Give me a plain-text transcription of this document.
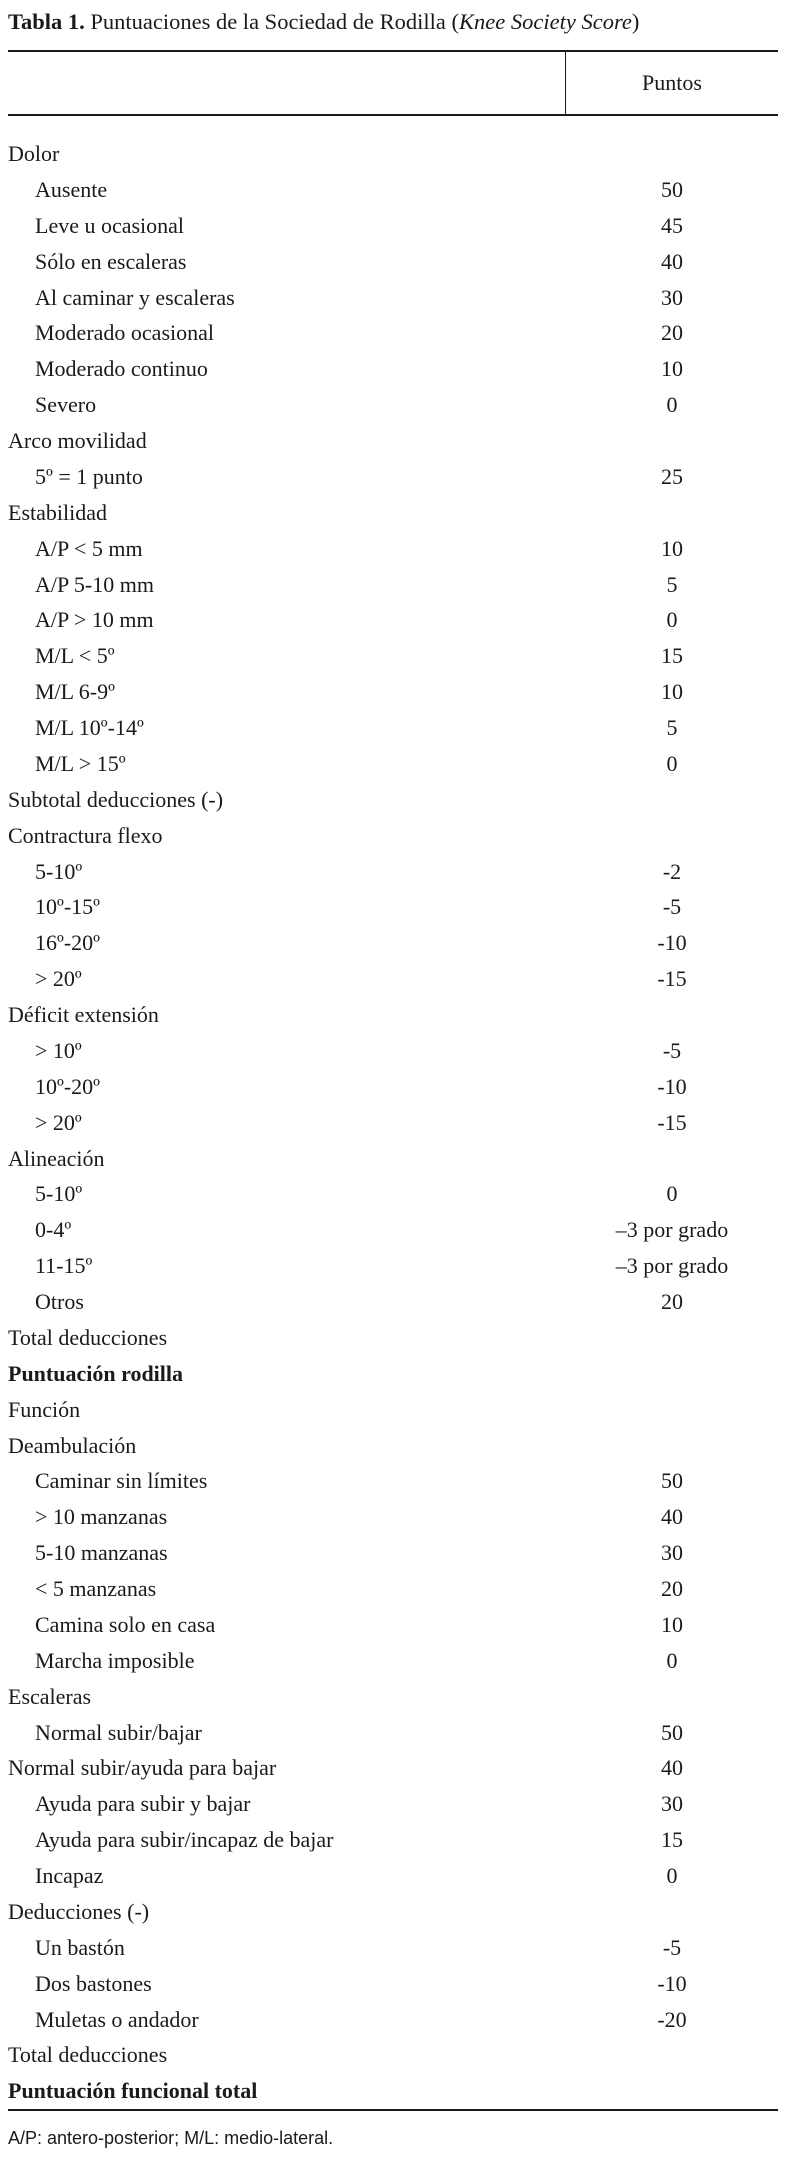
Tabla 1. Puntuaciones de la Sociedad de Rodilla (Knee Society Score)
Puntos
Dolor
Ausente	50
Leve u ocasional	45
Sólo en escaleras	40
Al caminar y escaleras	30
Moderado ocasional	20
Moderado continuo	10
Severo	0
Arco movilidad
5º = 1 punto	25
Estabilidad
A/P < 5 mm	10
A/P 5-10 mm	5
A/P > 10 mm	0
M/L < 5º	15
M/L 6-9º	10
M/L 10º-14º	5
M/L > 15º	0
Subtotal deducciones (-)
Contractura flexo
5-10º	-2
10º-15º	-5
16º-20º	-10
> 20º	-15
Déficit extensión
> 10º	-5
10º-20º	-10
> 20º	-15
Alineación
5-10º	0
0-4º	–3 por grado
11-15º	–3 por grado
Otros	20
Total deducciones
Puntuación rodilla
Función
Deambulación
Caminar sin límites	50
> 10 manzanas	40
5-10 manzanas	30
< 5 manzanas	20
Camina solo en casa	10
Marcha imposible	0
Escaleras
Normal subir/bajar	50
Normal subir/ayuda para bajar	40
Ayuda para subir y bajar	30
Ayuda para subir/incapaz de bajar	15
Incapaz	0
Deducciones (-)
Un bastón	-5
Dos bastones	-10
Muletas o andador	-20
Total deducciones
Puntuación funcional total
A/P: antero-posterior; M/L: medio-lateral.
